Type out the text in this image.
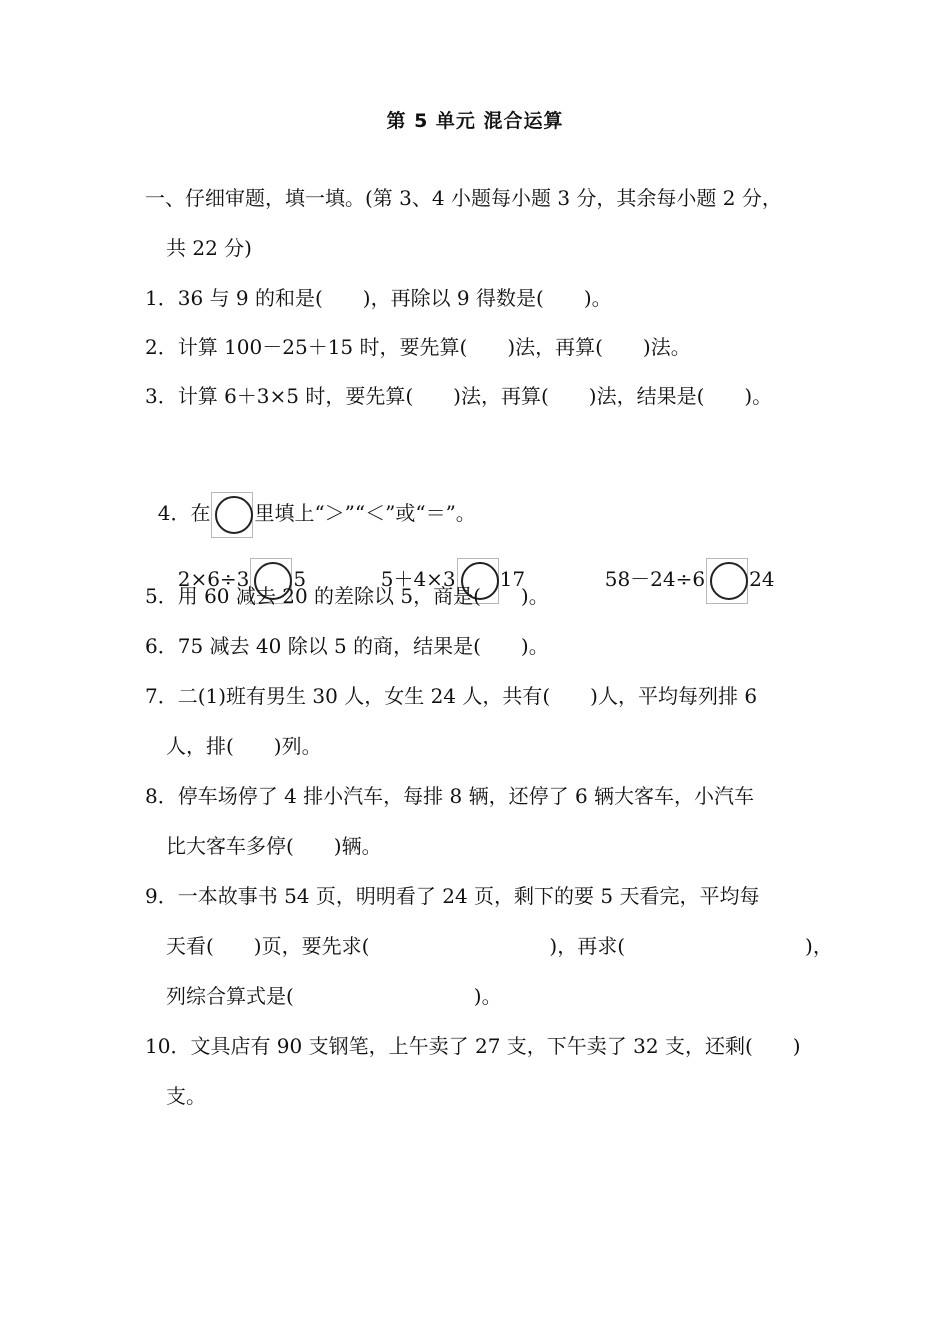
第 5 单元 混合运算
一、仔细审题，填一填。(第 3、4 小题每小题 3 分，其余每小题 2 分，
共 22 分)
1．36 与 9 的和是(　　)，再除以 9 得数是(　　)。
2．计算 100－25＋15 时，要先算(　　)法，再算(　　)法。
3．计算 6＋3×5 时，要先算(　　)法，再算(　　)法，结果是(　　)。

4．在 里填上“＞”“＜”或“＝”。

2×6÷3 5	5＋4×3 17	58－24÷6 24

5．用 60 减去 20 的差除以 5，商是(　　)。
6．75 减去 40 除以 5 的商，结果是(　　)。
7．二(1)班有男生 30 人，女生 24 人，共有(　　)人，平均每列排 6
人，排(　　)列。
8．停车场停了 4 排小汽车，每排 8 辆，还停了 6 辆大客车，小汽车
比大客车多停(　　)辆。
9．一本故事书 54 页，明明看了 24 页，剩下的要 5 天看完，平均每
天看(　　)页，要先求(　　　　　　　　　)，再求(　　　　　　　　　)，
列综合算式是(　　　　　　　　　)。
10．文具店有 90 支钢笔，上午卖了 27 支，下午卖了 32 支，还剩(　　)
支。
